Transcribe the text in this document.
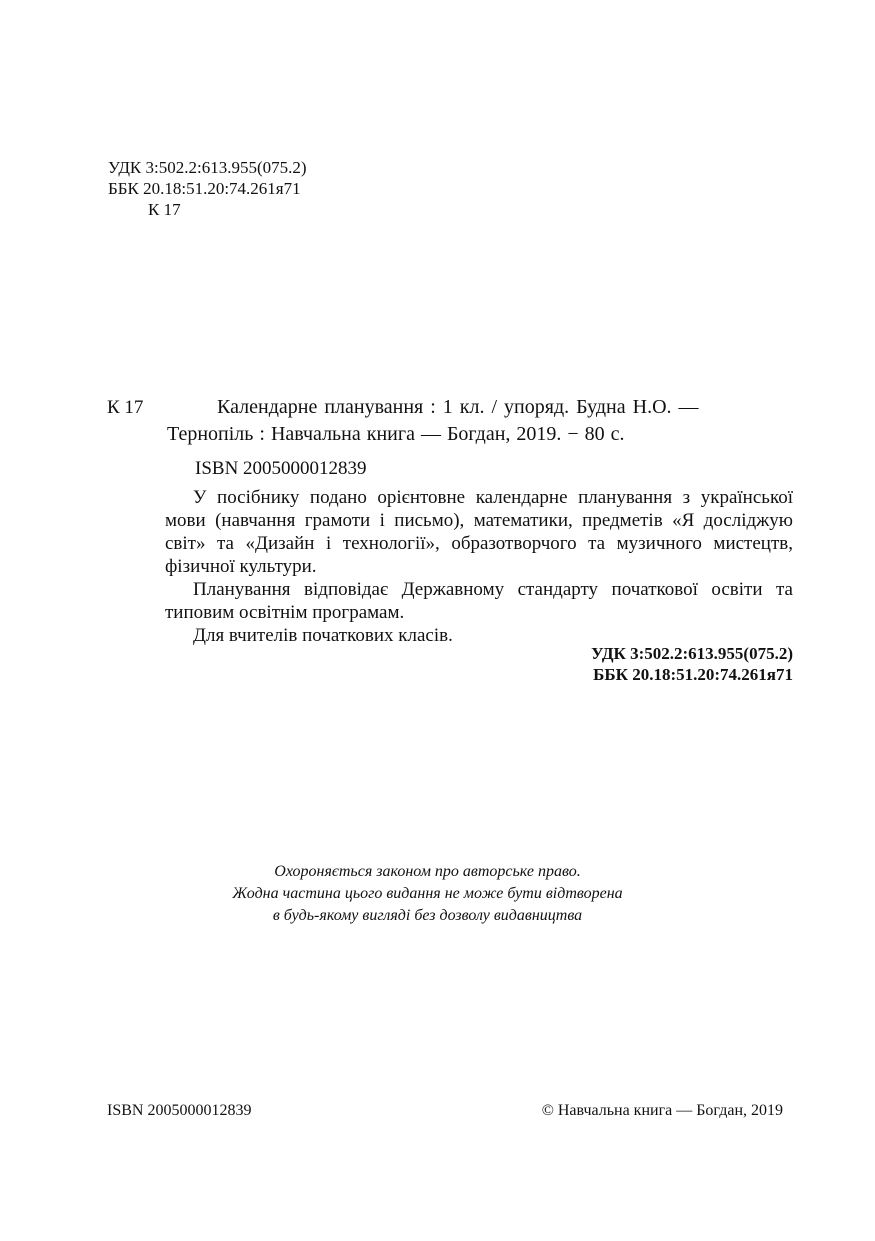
УДК 3:502.2:613.955(075.2)
ББК 20.18:51.20:74.261я71
К 17
К 17	Календарне планування : 1 кл. / упоряд. Будна Н.О. —
Тернопіль : Навчальна книга — Богдан, 2019. − 80 с.
ISBN 2005000012839

У посібнику подано орієнтовне календарне планування з української мови (навчання грамоти і письмо), математики, предметів «Я досліджую світ» та «Дизайн і технології», образотворчого та музичного мистецтв, фізичної культури.

Планування відповідає Державному стандарту початкової освіти та типовим освітнім програмам.

Для вчителів початкових класів.

УДК 3:502.2:613.955(075.2)
ББК 20.18:51.20:74.261я71
Охороняється законом про авторське право.
Жодна частина цього видання не може бути відтворена
в будь-якому вигляді без дозволу видавництва
ISBN 2005000012839	© Навчальна книга — Богдан, 2019
